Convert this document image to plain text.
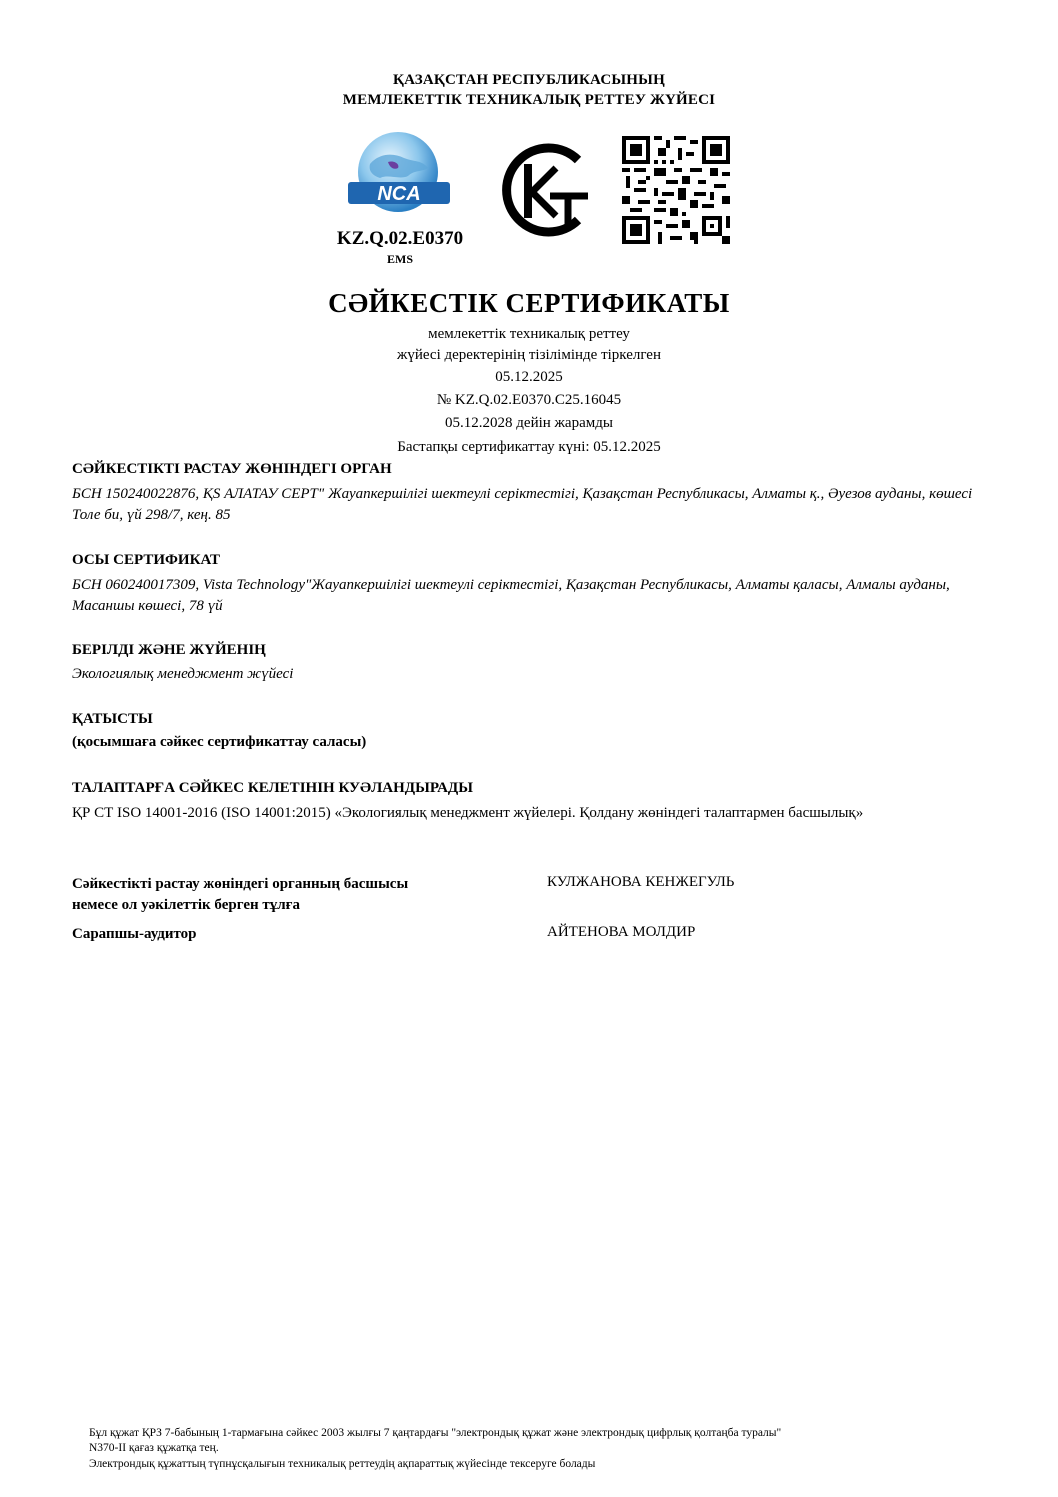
ҚАЗАҚСТАН РЕСПУБЛИКАСЫНЫҢ
МЕМЛЕКЕТТІК ТЕХНИКАЛЫҚ РЕТТЕУ ЖҮЙЕСІ
NCA
KZ.Q.02.E0370
EMS
СӘЙКЕСТІК СЕРТИФИКАТЫ
мемлекеттік техникалық реттеу
жүйесі деректерінің тізілімінде тіркелген
05.12.2025
№ KZ.Q.02.E0370.C25.16045
05.12.2028 дейін жарамды
Бастапқы сертификаттау күні: 05.12.2025
СӘЙКЕСТІКТІ РАСТАУ ЖӨНІНДЕГІ ОРГАН
БСН 150240022876, ҚS АЛАТАУ СЕРТ" Жауапкершілігі шектеулі серіктестігі, Қазақстан Республикасы, Алматы қ., Әуезов ауданы, көшесі Толе би, үй 298/7, кең. 85
ОСЫ СЕРТИФИКАТ
БСН 060240017309, Vista Technology"Жауапкершілігі шектеулі серіктестігі, Қазақстан Республикасы, Алматы қаласы, Алмалы ауданы, Масаншы көшесі, 78 үй
БЕРІЛДІ ЖӘНЕ ЖҮЙЕНІҢ
Экологиялық менеджмент жүйесі
ҚАТЫСТЫ
(қосымшаға сәйкес сертификаттау саласы)
ТАЛАПТАРҒА СӘЙКЕС КЕЛЕТІНІН КУӘЛАНДЫРАДЫ
ҚР СТ ISO 14001-2016 (ISO 14001:2015) «Экологиялық менеджмент жүйелері. Қолдану жөніндегі талаптармен басшылық»
Сәйкестікті растау жөніндегі органның басшысы немесе ол уәкілеттік берген тұлға
КУЛЖАНОВА КЕНЖЕГУЛЬ
Сарапшы-аудитор	АЙТЕНОВА МОЛДИР
Бұл құжат ҚРЗ 7-бабының 1-тармағына сәйкес 2003 жылғы 7 қаңтардағы "электрондық құжат және электрондық цифрлық қолтаңба туралы"
N370-II қағаз құжатқа тең.
Электрондық құжаттың түпнұсқалығын техникалық реттеудің ақпараттық жүйесінде тексеруге болады
